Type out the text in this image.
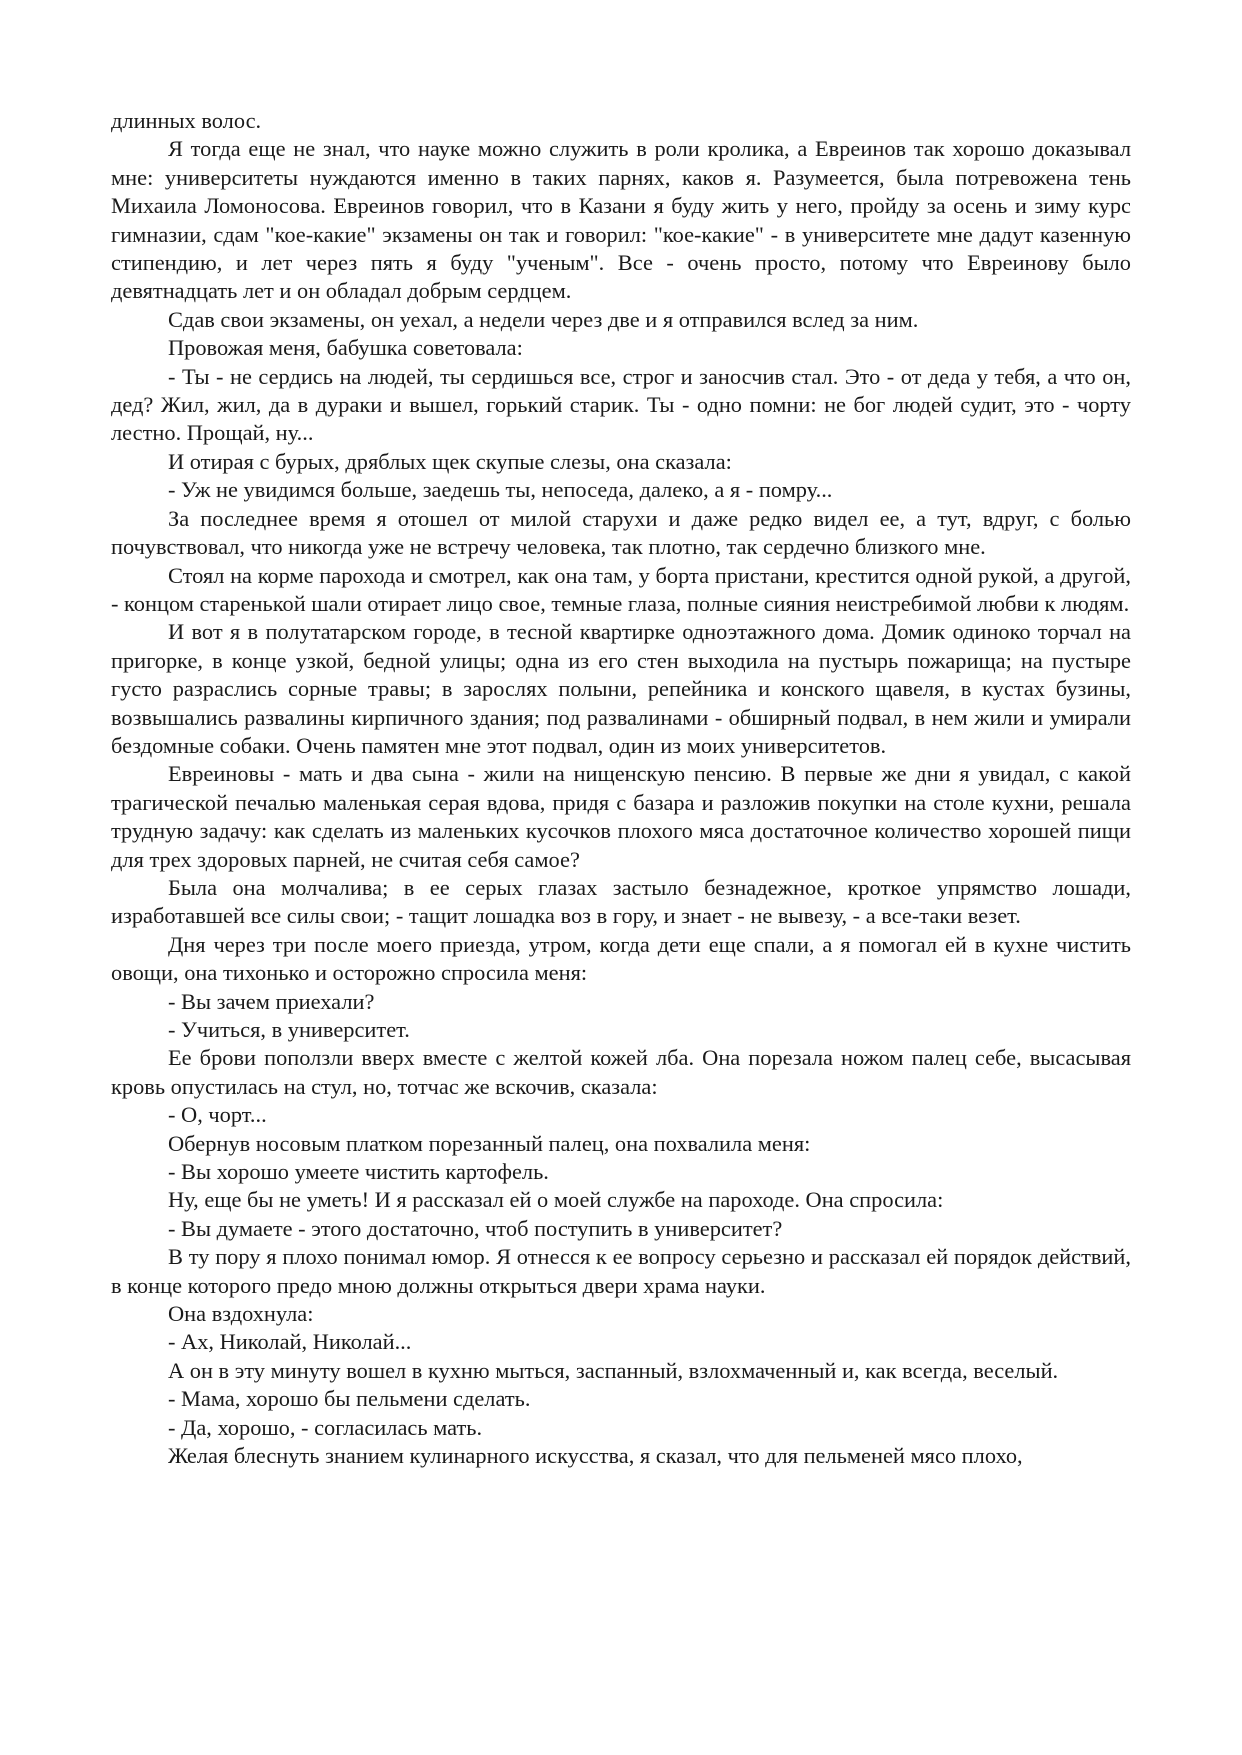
длинных волос.

Я тогда еще не знал, что науке можно служить в роли кролика, а Евреинов так хорошо доказывал мне: университеты нуждаются именно в таких парнях, каков я. Разумеется, была потревожена тень Михаила Ломоносова. Евреинов говорил, что в Казани я буду жить у него, пройду за осень и зиму курс гимназии, сдам "кое-какие" экзамены он так и говорил: "кое-какие" - в университете мне дадут казенную стипендию, и лет через пять я буду "ученым". Все - очень просто, потому что Евреинову было девятнадцать лет и он обладал добрым сердцем.

Сдав свои экзамены, он уехал, а недели через две и я отправился вслед за ним.

Провожая меня, бабушка советовала:

- Ты - не сердись на людей, ты сердишься все, строг и заносчив стал. Это - от деда у тебя, а что он, дед? Жил, жил, да в дураки и вышел, горький старик. Ты - одно помни: не бог людей судит, это - чорту лестно. Прощай, ну...

И отирая с бурых, дряблых щек скупые слезы, она сказала:

- Уж не увидимся больше, заедешь ты, непоседа, далеко, а я - помру...

За последнее время я отошел от милой старухи и даже редко видел ее, а тут, вдруг, с болью почувствовал, что никогда уже не встречу человека, так плотно, так сердечно близкого мне.

Стоял на корме парохода и смотрел, как она там, у борта пристани, крестится одной рукой, а другой, - концом старенькой шали отирает лицо свое, темные глаза, полные сияния неистребимой любви к людям.

И вот я в полутатарском городе, в тесной квартирке одноэтажного дома. Домик одиноко торчал на пригорке, в конце узкой, бедной улицы; одна из его стен выходила на пустырь пожарища; на пустыре густо разраслись сорные травы; в зарослях полыни, репейника и конского щавеля, в кустах бузины, возвышались развалины кирпичного здания; под развалинами - обширный подвал, в нем жили и умирали бездомные собаки. Очень памятен мне этот подвал, один из моих университетов.

Евреиновы - мать и два сына - жили на нищенскую пенсию. В первые же дни я увидал, с какой трагической печалью маленькая серая вдова, придя с базара и разложив покупки на столе кухни, решала трудную задачу: как сделать из маленьких кусочков плохого мяса достаточное количество хорошей пищи для трех здоровых парней, не считая себя самое?

Была она молчалива; в ее серых глазах застыло безнадежное, кроткое упрямство лошади, изработавшей все силы свои; - тащит лошадка воз в гору, и знает - не вывезу, - а все-таки везет.

Дня через три после моего приезда, утром, когда дети еще спали, а я помогал ей в кухне чистить овощи, она тихонько и осторожно спросила меня:

- Вы зачем приехали?

- Учиться, в университет.

Ее брови поползли вверх вместе с желтой кожей лба. Она порезала ножом палец себе, высасывая кровь опустилась на стул, но, тотчас же вскочив, сказала:

- О, чорт...

Обернув носовым платком порезанный палец, она похвалила меня:

- Вы хорошо умеете чистить картофель.

Ну, еще бы не уметь! И я рассказал ей о моей службе на пароходе. Она спросила:

- Вы думаете - этого достаточно, чтоб поступить в университет?

В ту пору я плохо понимал юмор. Я отнесся к ее вопросу серьезно и рассказал ей порядок действий, в конце которого предо мною должны открыться двери храма науки.

Она вздохнула:

- Ах, Николай, Николай...

А он в эту минуту вошел в кухню мыться, заспанный, взлохмаченный и, как всегда, веселый.

- Мама, хорошо бы пельмени сделать.

- Да, хорошо, - согласилась мать.

Желая блеснуть знанием кулинарного искусства, я сказал, что для пельменей мясо плохо,
